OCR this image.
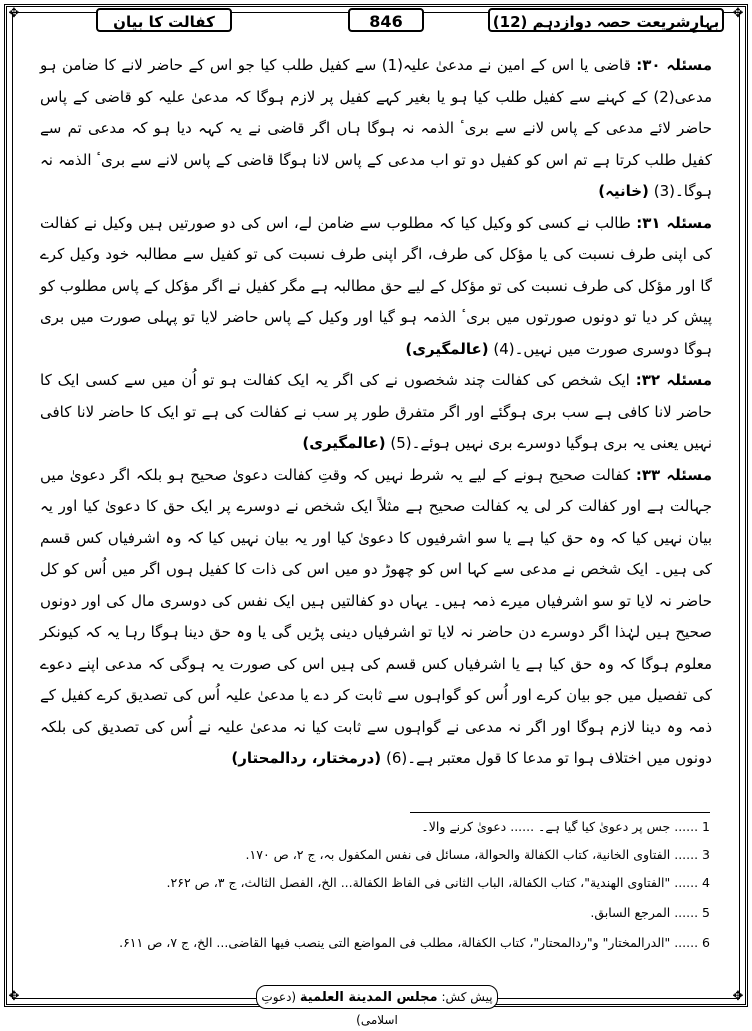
✥	✥
✥	✥
کفالت کا بیان	846	بہارِشریعت حصہ دوازدہم (12)

مسئلہ ۳۰: قاضی یا اس کے امین نے مدعیٰ علیہ(1) سے کفیل طلب کیا جو اس کے حاضر لانے کا ضامن ہو مدعی(2) کے کہنے سے کفیل طلب کیا ہو یا بغیر کہے کفیل پر لازم ہوگا کہ مدعیٰ علیہ کو قاضی کے پاس حاضر لائے مدعی کے پاس لانے سے بریٴ الذمہ نہ ہوگا ہاں اگر قاضی نے یہ کہہ دیا ہو کہ مدعی تم سے کفیل طلب کرتا ہے تم اس کو کفیل دو تو اب مدعی کے پاس لانا ہوگا قاضی کے پاس لانے سے بریٴ الذمہ نہ ہوگا۔(3) (خانیہ)

مسئلہ ۳۱: طالب نے کسی کو وکیل کیا کہ مطلوب سے ضامن لے، اس کی دو صورتیں ہیں وکیل نے کفالت کی اپنی طرف نسبت کی یا مؤکل کی طرف، اگر اپنی طرف نسبت کی تو کفیل سے مطالبہ خود وکیل کرے گا اور مؤکل کی طرف نسبت کی تو مؤکل کے لیے حق مطالبہ ہے مگر کفیل نے اگر مؤکل کے پاس مطلوب کو پیش کر دیا تو دونوں صورتوں میں بریٴ الذمہ ہو گیا اور وکیل کے پاس حاضر لایا تو پہلی صورت میں بری ہوگا دوسری صورت میں نہیں۔(4) (عالمگیری)

مسئلہ ۳۲: ایک شخص کی کفالت چند شخصوں نے کی اگر یہ ایک کفالت ہو تو اُن میں سے کسی ایک کا حاضر لانا کافی ہے سب بری ہوگئے اور اگر متفرق طور پر سب نے کفالت کی ہے تو ایک کا حاضر لانا کافی نہیں یعنی یہ بری ہوگیا دوسرے بری نہیں ہوئے۔(5) (عالمگیری)

مسئلہ ۳۳: کفالت صحیح ہونے کے لیے یہ شرط نہیں کہ وقتِ کفالت دعویٰ صحیح ہو بلکہ اگر دعویٰ میں جہالت ہے اور کفالت کر لی یہ کفالت صحیح ہے مثلاً ایک شخص نے دوسرے پر ایک حق کا دعویٰ کیا اور یہ بیان نہیں کیا کہ وہ حق کیا ہے یا سو اشرفیوں کا دعویٰ کیا اور یہ بیان نہیں کیا کہ وہ اشرفیاں کس قسم کی ہیں۔ ایک شخص نے مدعی سے کہا اس کو چھوڑ دو میں اس کی ذات کا کفیل ہوں اگر میں اُس کو کل حاضر نہ لایا تو سو اشرفیاں میرے ذمہ ہیں۔ یہاں دو کفالتیں ہیں ایک نفس کی دوسری مال کی اور دونوں صحیح ہیں لہٰذا اگر دوسرے دن حاضر نہ لایا تو اشرفیاں دینی پڑیں گی یا وہ حق دینا ہوگا رہا یہ کہ کیونکر معلوم ہوگا کہ وہ حق کیا ہے یا اشرفیاں کس قسم کی ہیں اس کی صورت یہ ہوگی کہ مدعی اپنے دعوے کی تفصیل میں جو بیان کرے اور اُس کو گواہوں سے ثابت کر دے یا مدعیٰ علیہ اُس کی تصدیق کرے کفیل کے ذمہ وہ دینا لازم ہوگا اور اگر نہ مدعی نے گواہوں سے ثابت کیا نہ مدعیٰ علیہ نے اُس کی تصدیق کی بلکہ دونوں میں اختلاف ہوا تو مدعا کا قول معتبر ہے۔(6) (درمختار، ردالمحتار)

1 ...... جس پر دعویٰ کیا گیا ہے۔ ...... دعویٰ کرنے والا۔
3 ...... الفتاوی الخانیة، کتاب الکفالة والحوالة، مسائل فی نفس المکفول بہ، ج ۲، ص ۱۷۰.
4 ...... "الفتاوی الھندیة"، کتاب الکفالة، الباب الثانی فی الفاظ الکفالة... الخ، الفصل الثالث، ج ۳، ص ۲۶۲.
5 ...... المرجع السابق.
6 ...... "الدرالمختار" و"ردالمحتار"، کتاب الکفالة، مطلب فی المواضع التی ینصب فیھا القاضی... الخ، ج ۷، ص ۶۱۱.
پیش کش: مجلس المدینة العلمیة (دعوتِ اسلامی)
